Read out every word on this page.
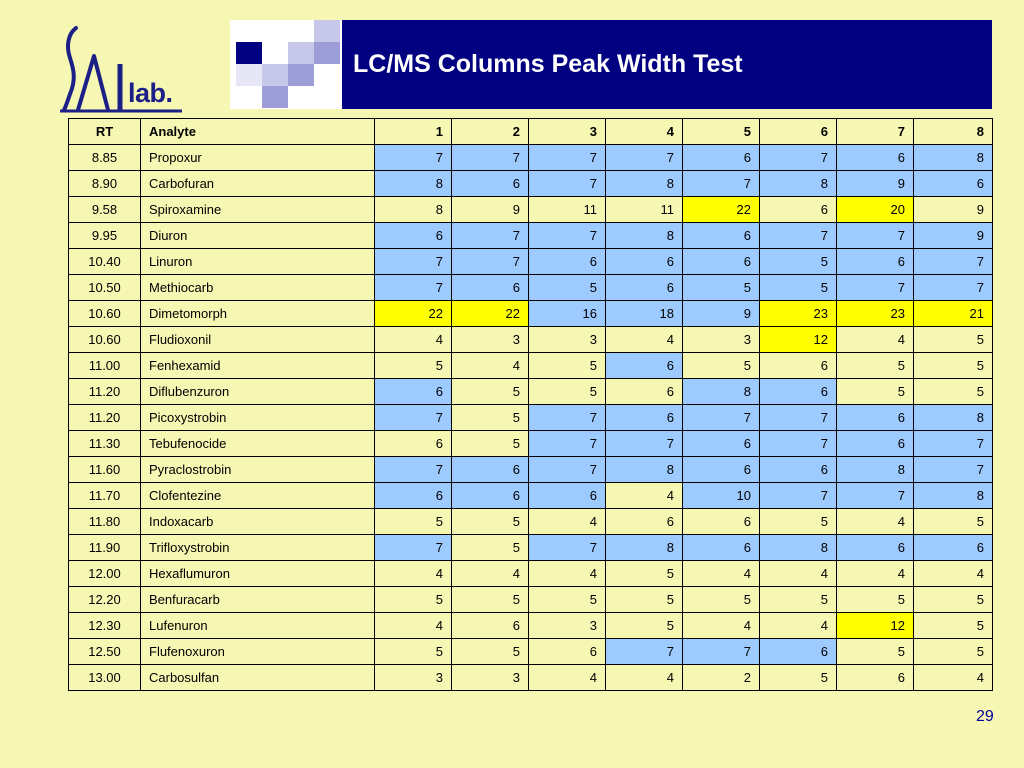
lab.
LC/MS Columns Peak Width Test
RT	Analyte	1	2	3	4	5	6	7	8
8.85	Propoxur	7	7	7	7	6	7	6	8
8.90	Carbofuran	8	6	7	8	7	8	9	6
9.58	Spiroxamine	8	9	11	11	22	6	20	9
9.95	Diuron	6	7	7	8	6	7	7	9
10.40	Linuron	7	7	6	6	6	5	6	7
10.50	Methiocarb	7	6	5	6	5	5	7	7
10.60	Dimetomorph	22	22	16	18	9	23	23	21
10.60	Fludioxonil	4	3	3	4	3	12	4	5
11.00	Fenhexamid	5	4	5	6	5	6	5	5
11.20	Diflubenzuron	6	5	5	6	8	6	5	5
11.20	Picoxystrobin	7	5	7	6	7	7	6	8
11.30	Tebufenocide	6	5	7	7	6	7	6	7
11.60	Pyraclostrobin	7	6	7	8	6	6	8	7
11.70	Clofentezine	6	6	6	4	10	7	7	8
11.80	Indoxacarb	5	5	4	6	6	5	4	5
11.90	Trifloxystrobin	7	5	7	8	6	8	6	6
12.00	Hexaflumuron	4	4	4	5	4	4	4	4
12.20	Benfuracarb	5	5	5	5	5	5	5	5
12.30	Lufenuron	4	6	3	5	4	4	12	5
12.50	Flufenoxuron	5	5	6	7	7	6	5	5
13.00	Carbosulfan	3	3	4	4	2	5	6	4
29
